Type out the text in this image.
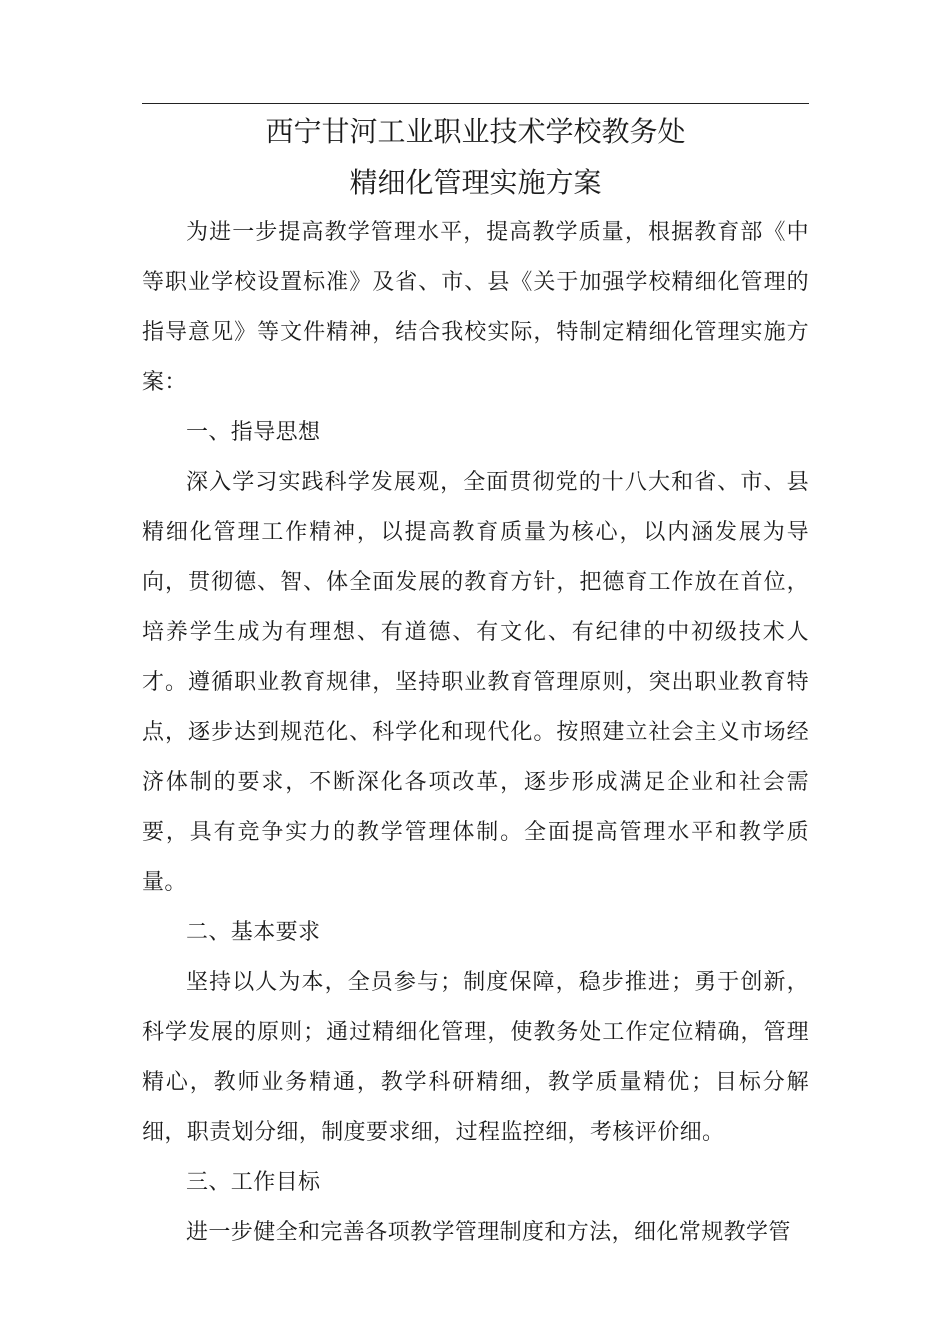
西宁甘河工业职业技术学校教务处
精细化管理实施方案

为进一步提高教学管理水平，提高教学质量，根据教育部《中等职业学校设置标准》及省、市、县《关于加强学校精细化管理的指导意见》等文件精神，结合我校实际，特制定精细化管理实施方案：

一、指导思想

深入学习实践科学发展观，全面贯彻党的十八大和省、市、县精细化管理工作精神，以提高教育质量为核心，以内涵发展为导向，贯彻德、智、体全面发展的教育方针，把德育工作放在首位，培养学生成为有理想、有道德、有文化、有纪律的中初级技术人才。遵循职业教育规律，坚持职业教育管理原则，突出职业教育特点，逐步达到规范化、科学化和现代化。按照建立社会主义市场经济体制的要求，不断深化各项改革，逐步形成满足企业和社会需要，具有竞争实力的教学管理体制。全面提高管理水平和教学质量。

二、基本要求

坚持以人为本，全员参与；制度保障，稳步推进；勇于创新，科学发展的原则；通过精细化管理，使教务处工作定位精确，管理精心，教师业务精通，教学科研精细，教学质量精优；目标分解细，职责划分细，制度要求细，过程监控细，考核评价细。

三、工作目标

进一步健全和完善各项教学管理制度和方法，细化常规教学管
